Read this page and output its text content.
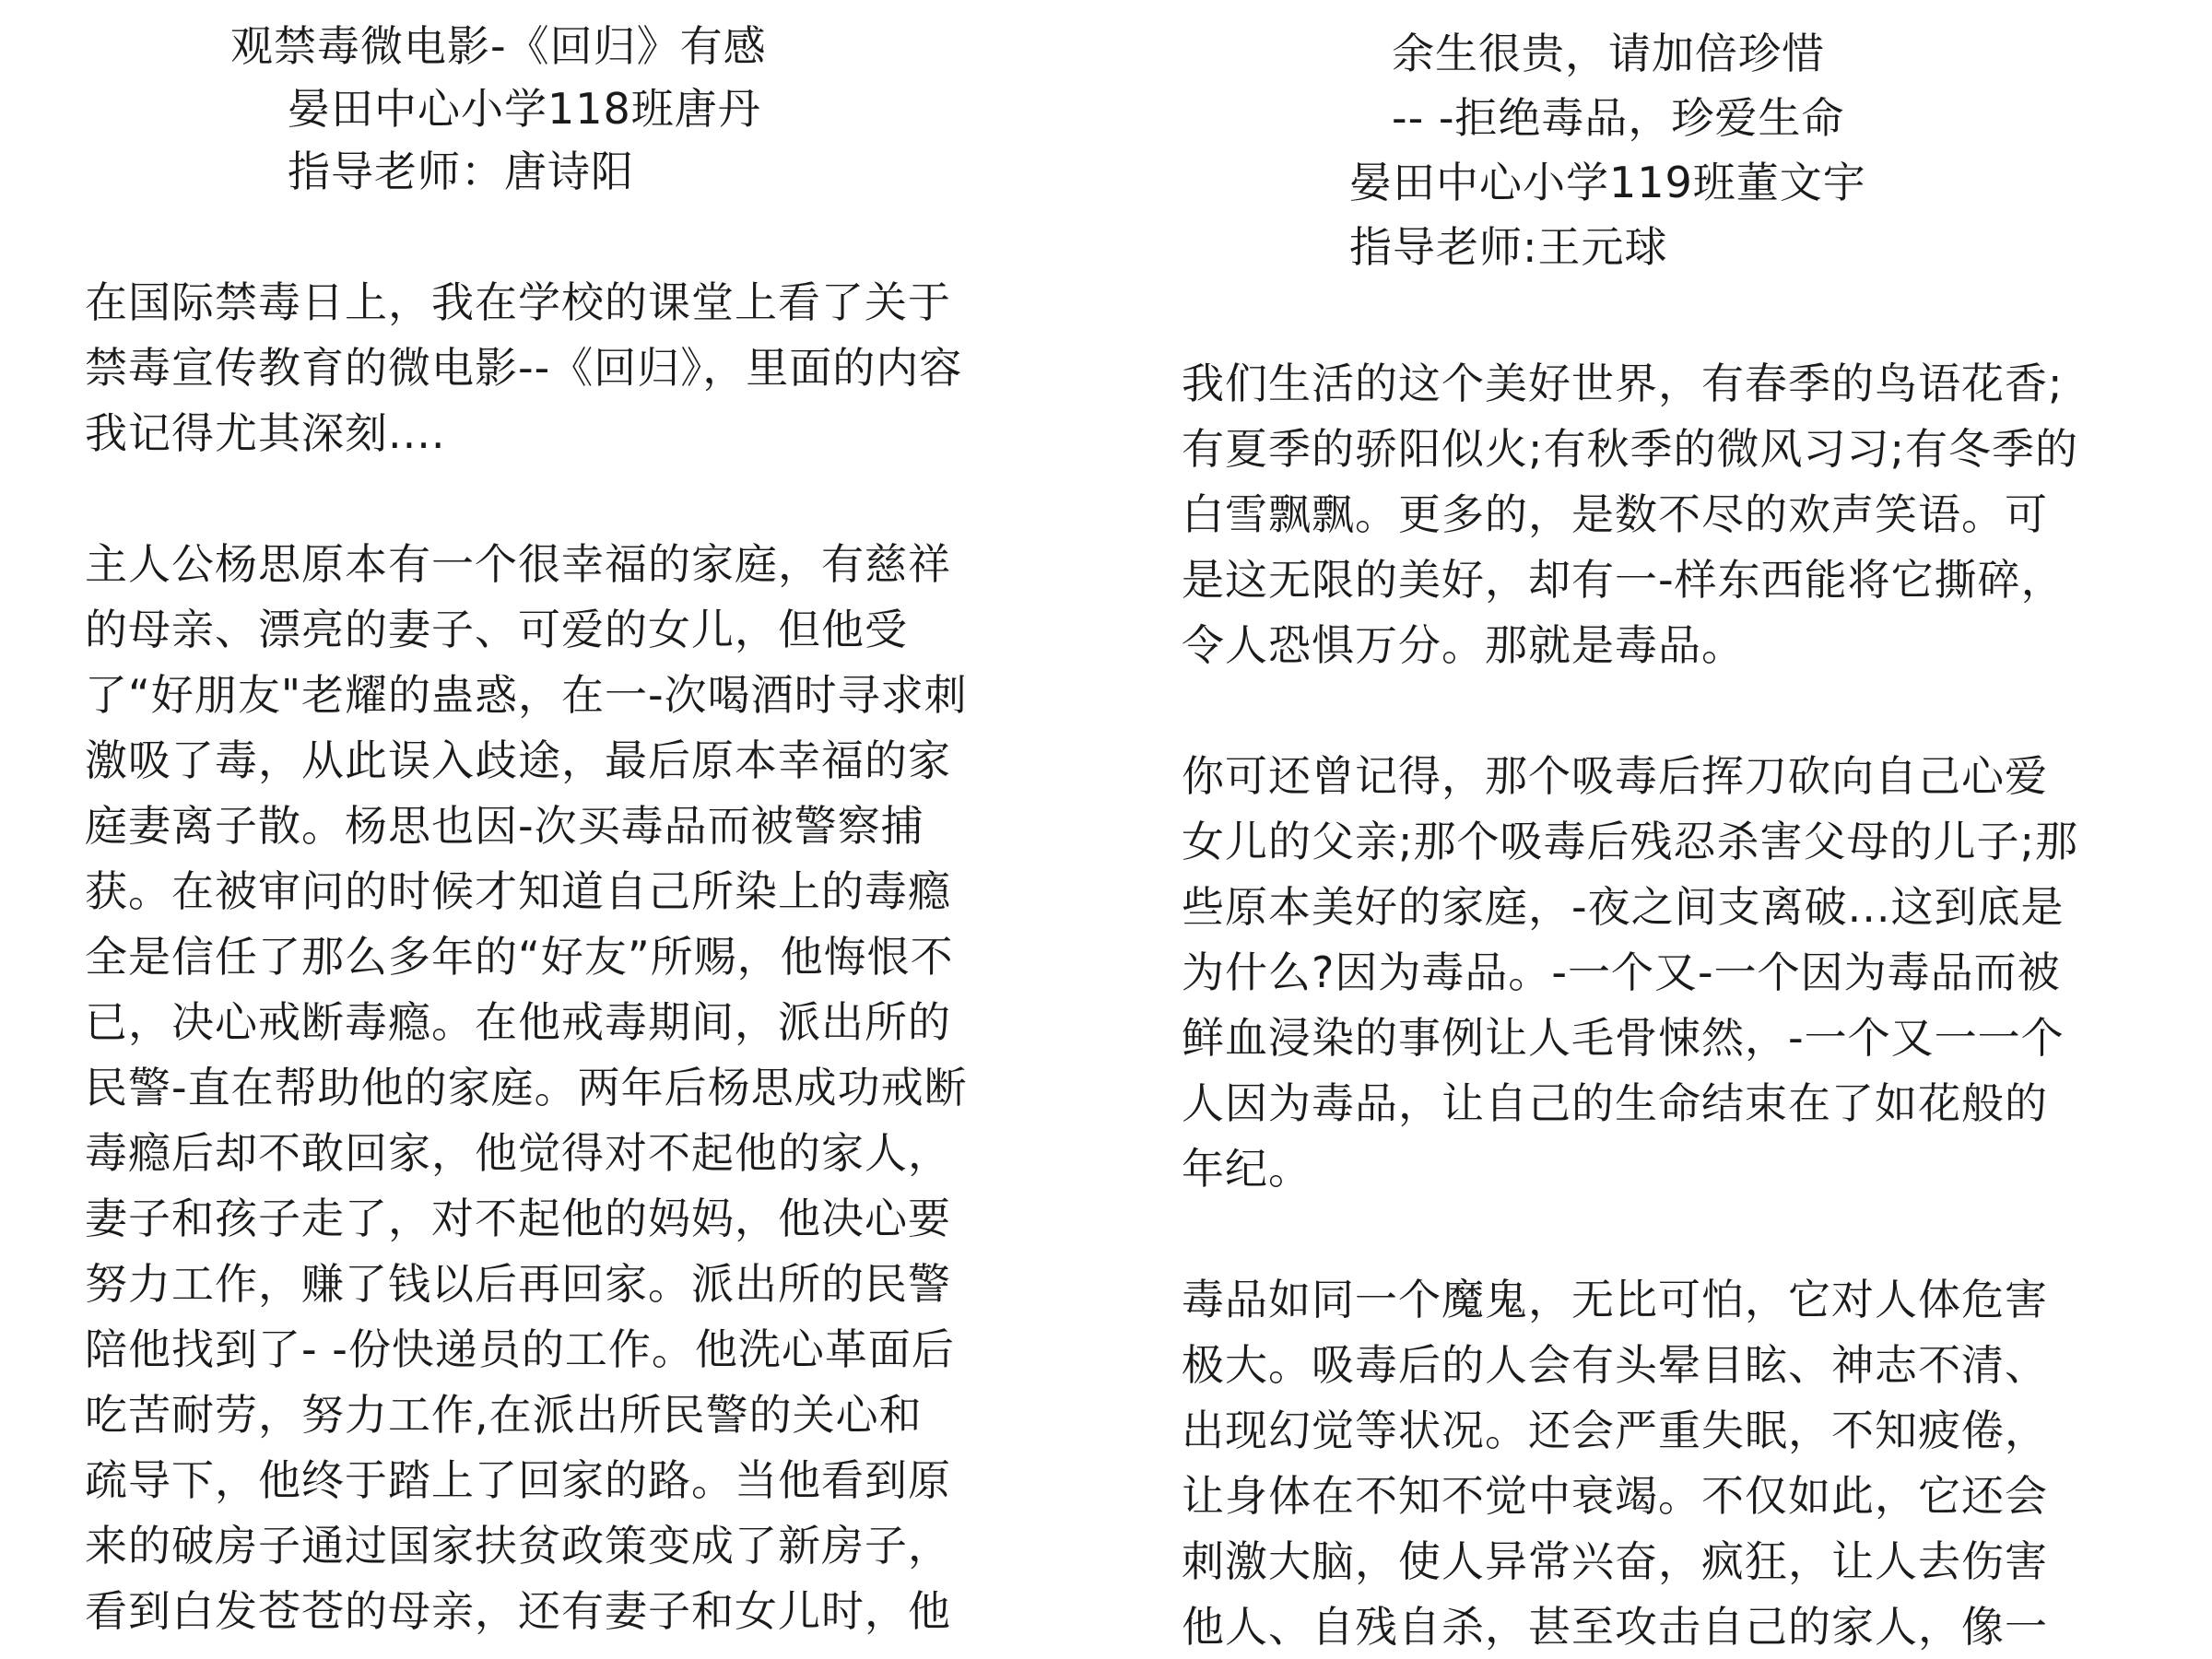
观禁毒微电影-《回归》有感
晏田中心小学118班唐丹
指导老师：唐诗阳
在国际禁毒日上，我在学校的课堂上看了关于
禁毒宣传教育的微电影--《回归》，里面的内容
我记得尤其深刻....
主人公杨思原本有一个很幸福的家庭，有慈祥
的母亲、漂亮的妻子、可爱的女儿，但他受
了“好朋友"老耀的蛊惑，在一-次喝酒时寻求刺
激吸了毒，从此误入歧途，最后原本幸福的家
庭妻离子散。杨思也因-次买毒品而被警察捕
获。在被审问的时候才知道自己所染上的毒瘾
全是信任了那么多年的“好友”所赐，他悔恨不
已，决心戒断毒瘾。在他戒毒期间，派出所的
民警-直在帮助他的家庭。两年后杨思成功戒断
毒瘾后却不敢回家，他觉得对不起他的家人，
妻子和孩子走了，对不起他的妈妈，他决心要
努力工作，赚了钱以后再回家。派出所的民警
陪他找到了- -份快递员的工作。他洗心革面后
吃苦耐劳，努力工作,在派出所民警的关心和
疏导下，他终于踏上了回家的路。当他看到原
来的破房子通过国家扶贫政策变成了新房子，
看到白发苍苍的母亲，还有妻子和女儿时，他
余生很贵，请加倍珍惜
-- -拒绝毒品，珍爱生命
晏田中心小学119班董文宇
指导老师:王元球
我们生活的这个美好世界，有春季的鸟语花香;
有夏季的骄阳似火;有秋季的微风习习;有冬季的
白雪飘飘。更多的，是数不尽的欢声笑语。可
是这无限的美好，却有一-样东西能将它撕碎，
令人恐惧万分。那就是毒品。
你可还曾记得，那个吸毒后挥刀砍向自己心爱
女儿的父亲;那个吸毒后残忍杀害父母的儿子;那
些原本美好的家庭，-夜之间支离破...这到底是
为什么?因为毒品。-一个又-一个因为毒品而被
鲜血浸染的事例让人毛骨悚然，-一个又一一个
人因为毒品，让自己的生命结束在了如花般的
年纪。
毒品如同一个魔鬼，无比可怕，它对人体危害
极大。吸毒后的人会有头晕目眩、神志不清、
出现幻觉等状况。还会严重失眠，不知疲倦，
让身体在不知不觉中衰竭。不仅如此，它还会
刺激大脑，使人异常兴奋，疯狂，让人去伤害
他人、自残自杀，甚至攻击自己的家人，像一
